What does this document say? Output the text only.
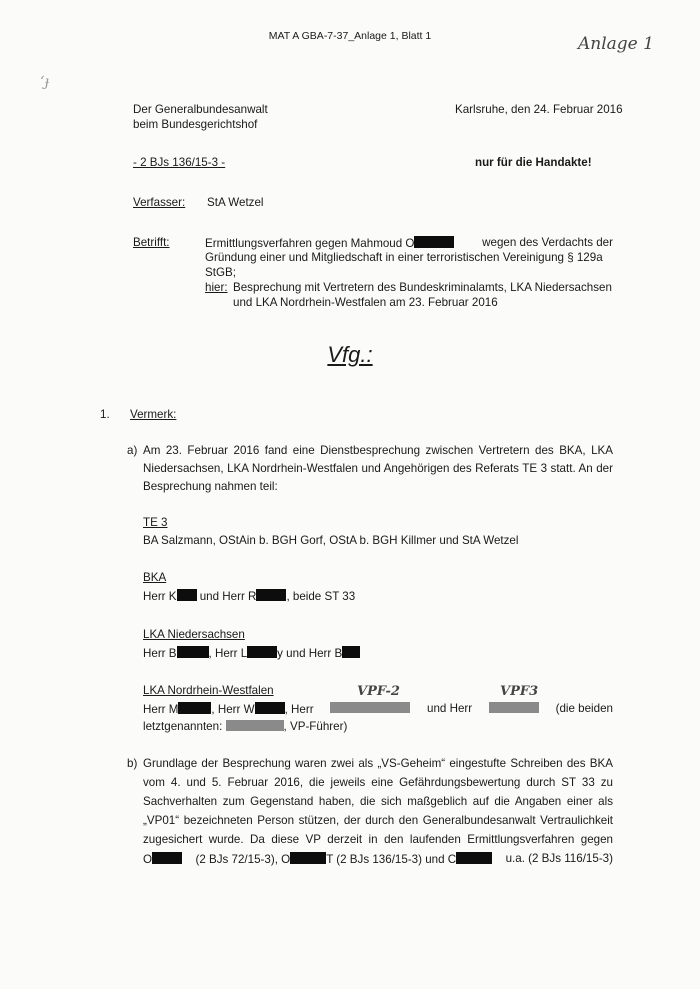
MAT A GBA-7-37_Anlage 1, Blatt 1	Anlage 1
‘ɟ
Der Generalbundesanwalt
beim Bundesgerichtshof
Karlsruhe, den 24. Februar 2016
- 2 BJs 136/15-3 -	nur für die Handakte!
Verfasser: StA Wetzel
Betrifft:	Ermittlungsverfahren gegen Mahmoud O	wegen des Verdachts der
Gründung einer und Mitgliedschaft in einer terroristischen Vereinigung § 129a
StGB;
hier: Besprechung mit Vertretern des Bundeskriminalamts, LKA Niedersachsen
und LKA Nordrhein-Westfalen am 23. Februar 2016
Vfg.:
1. Vermerk:
a) Am 23. Februar 2016 fand eine Dienstbesprechung zwischen Vertretern des BKA, LKA
Niedersachsen, LKA Nordrhein-Westfalen und Angehörigen des Referats TE 3 statt. An der
Besprechung nahmen teil:
TE 3
BA Salzmann, OStAin b. BGH Gorf, OStA b. BGH Killmer und StA Wetzel
BKA
Herr K und Herr R	, beide ST 33
LKA Niedersachsen
Herr B	, Herr L	y und Herr B
LKA Nordrhein-Westfalen	VPF-2	VPF3
Herr M	, Herr W	, Herr	und Herr	(die beiden
letztgenannten:	, VP-Führer)
b) Grundlage der Besprechung waren zwei als „VS-Geheim“ eingestufte Schreiben des BKA
vom 4. und 5. Februar 2016, die jeweils eine Gefährdungsbewertung durch ST 33 zu
Sachverhalten zum Gegenstand haben, die sich maßgeblich auf die Angaben einer als
„VP01“ bezeichneten Person stützen, der durch den Generalbundesanwalt Vertraulichkeit
zugesichert wurde. Da diese VP derzeit in den laufenden Ermittlungsverfahren gegen
O	(2 BJs 72/15-3), O	T (2 BJs 136/15-3) und C	u.a. (2 BJs 116/15-3)
